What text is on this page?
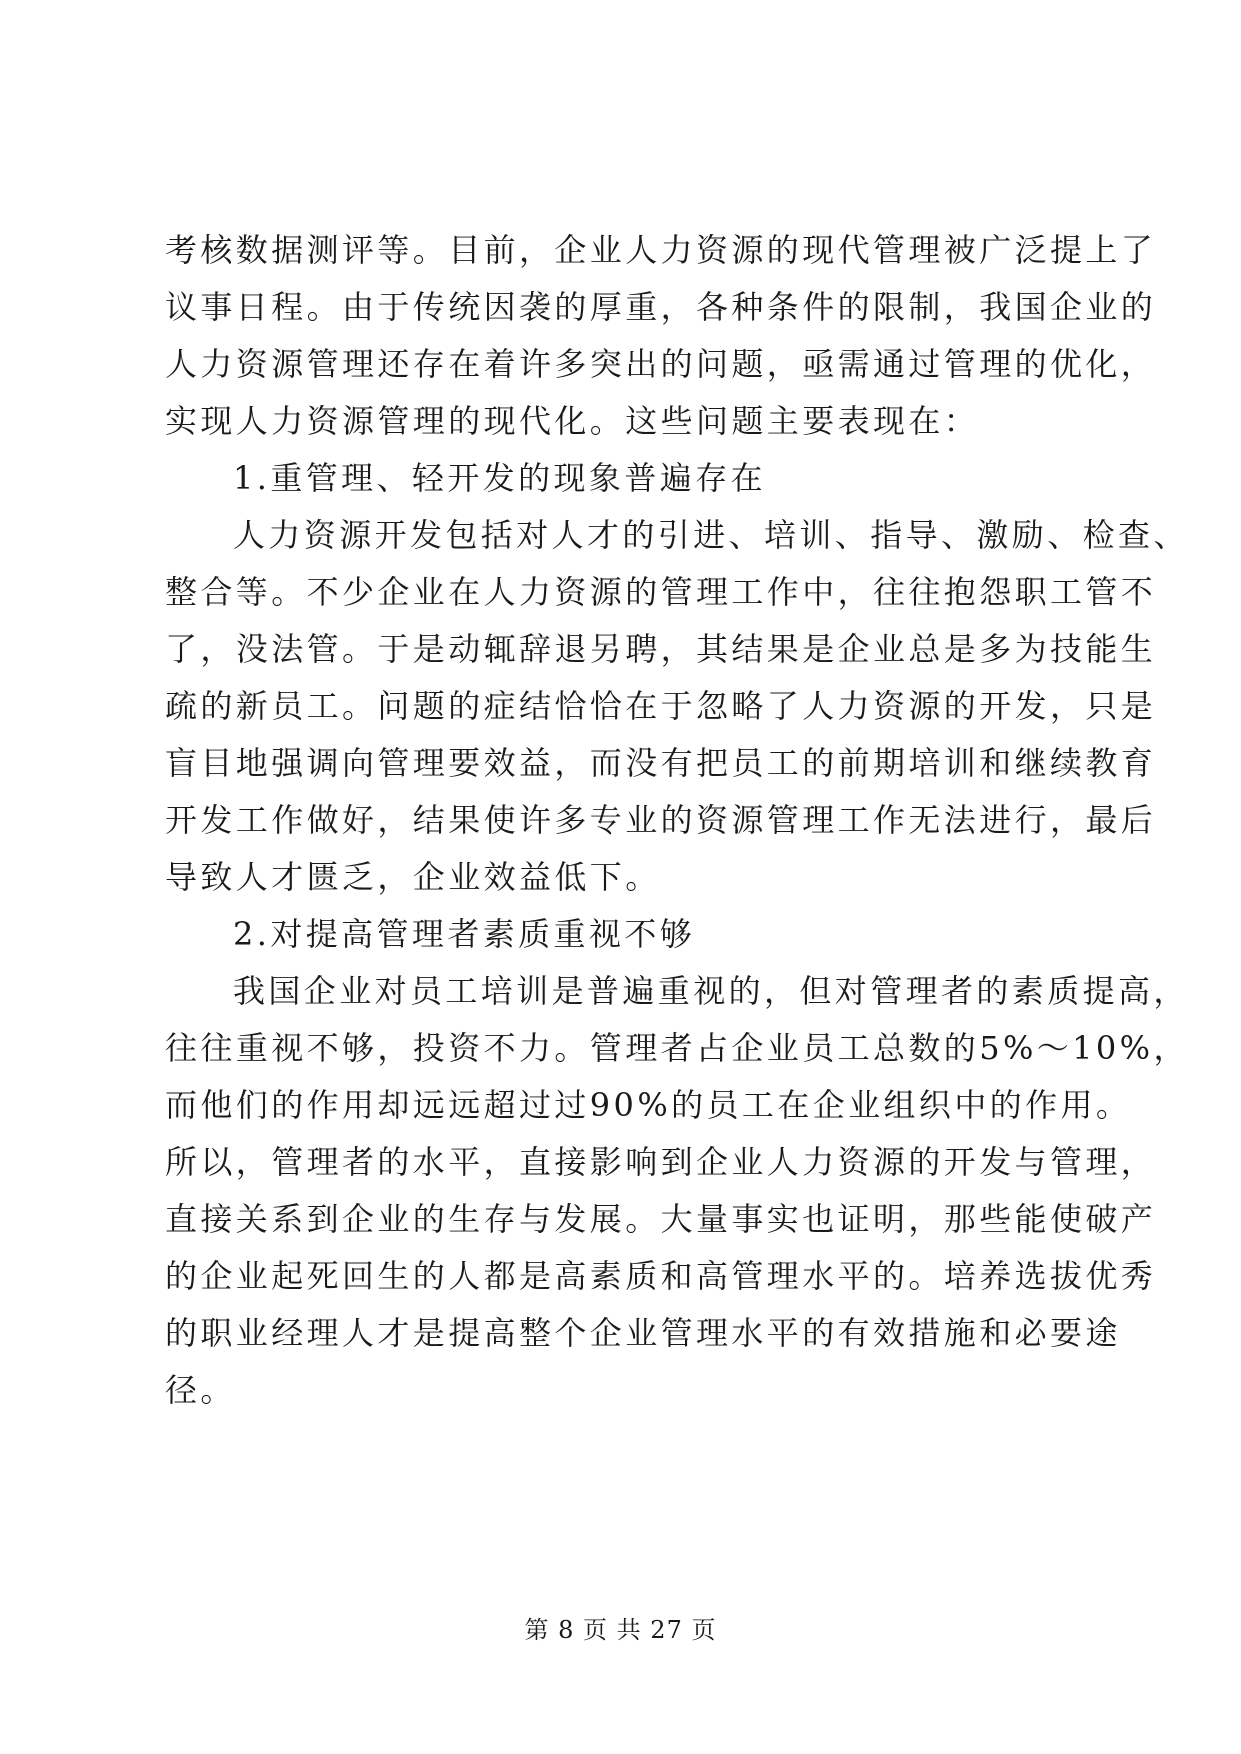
考核数据测评等。目前，企业人力资源的现代管理被广泛提上了
议事日程。由于传统因袭的厚重，各种条件的限制，我国企业的
人力资源管理还存在着许多突出的问题，亟需通过管理的优化，
实现人力资源管理的现代化。这些问题主要表现在：
1.重管理、轻开发的现象普遍存在
人力资源开发包括对人才的引进、培训、指导、激励、检查、
整合等。不少企业在人力资源的管理工作中，往往抱怨职工管不
了，没法管。于是动辄辞退另聘，其结果是企业总是多为技能生
疏的新员工。问题的症结恰恰在于忽略了人力资源的开发，只是
盲目地强调向管理要效益，而没有把员工的前期培训和继续教育
开发工作做好，结果使许多专业的资源管理工作无法进行，最后
导致人才匮乏，企业效益低下。
2.对提高管理者素质重视不够
我国企业对员工培训是普遍重视的，但对管理者的素质提高，
往往重视不够，投资不力。管理者占企业员工总数的5%～10%，
而他们的作用却远远超过过90%的员工在企业组织中的作用。
所以，管理者的水平，直接影响到企业人力资源的开发与管理，
直接关系到企业的生存与发展。大量事实也证明，那些能使破产
的企业起死回生的人都是高素质和高管理水平的。培养选拔优秀
的职业经理人才是提高整个企业管理水平的有效措施和必要途
径。
第 8 页 共 27 页
